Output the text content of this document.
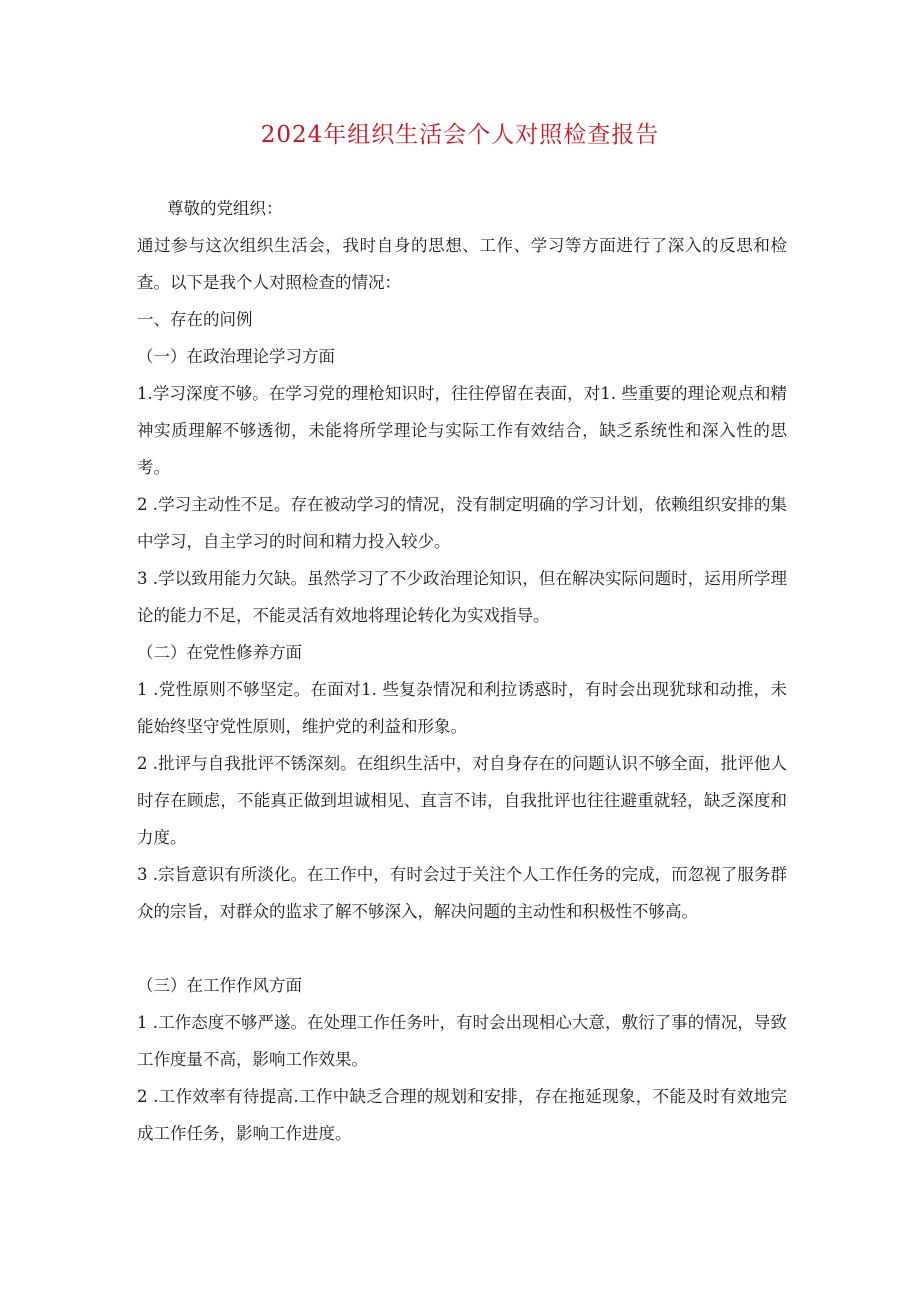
2024年组织生活会个人对照检查报告

尊敬的党组织：

通过参与这次组织生活会，我时自身的思想、工作、学习等方面进行了深入的反思和检查。以下是我个人对照检查的情况：

一、存在的问例

（一）在政治理论学习方面

1.学习深度不够。在学习党的理枪知识时，往往停留在表面，对1. 些重要的理论观点和精神实质理解不够透彻，未能将所学理论与实际工作有效结合，缺乏系统性和深入性的思考。

2 .学习主动性不足。存在被动学习的情况，没有制定明确的学习计划，依赖组织安排的集中学习，自主学习的时间和精力投入较少。

3 .学以致用能力欠缺。虽然学习了不少政治理论知识，但在解决实际问题时，运用所学理论的能力不足，不能灵活有效地将理论转化为实戏指导。

（二）在党性修养方面

1 .党性原则不够坚定。在面对1. 些复杂情况和利拉诱惑时，有时会出现犹球和动推，未能始终坚守党性原则，维护党的利益和形象。

2 .批评与自我批评不锈深刻。在组织生活中，对自身存在的问题认识不够全面，批评他人时存在顾虑，不能真正做到坦诚相见、直言不讳，自我批评也往往避重就轻，缺乏深度和力度。

3 .宗旨意识有所淡化。在工作中，有时会过于关注个人工作任务的完成，而忽视了服务群众的宗旨，对群众的监求了解不够深入，解决问题的主动性和积极性不够高。

（三）在工作作风方面

1 .工作态度不够严遂。在处理工作任务叶，有时会出现相心大意，敷衍了事的情况，导致工作度量不高，影响工作效果。

2 .工作效率有待提高.工作中缺乏合理的规划和安排，存在拖延现象，不能及时有效地完成工作任务，影响工作进度。
